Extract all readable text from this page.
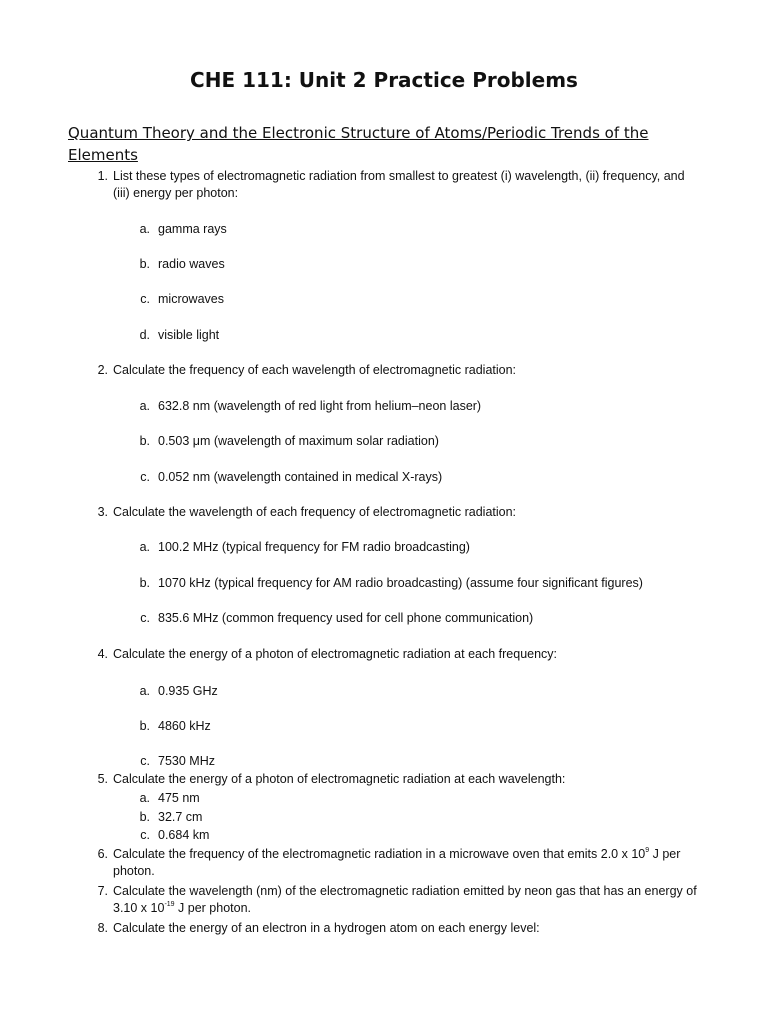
CHE 111: Unit 2 Practice Problems
Quantum Theory and the Electronic Structure of Atoms/Periodic Trends of the Elements
1. List these types of electromagnetic radiation from smallest to greatest (i) wavelength, (ii) frequency, and (iii) energy per photon:
a. gamma rays
b. radio waves
c. microwaves
d. visible light
2. Calculate the frequency of each wavelength of electromagnetic radiation:
a. 632.8 nm (wavelength of red light from helium–neon laser)
b. 0.503 μm (wavelength of maximum solar radiation)
c. 0.052 nm (wavelength contained in medical X-rays)
3. Calculate the wavelength of each frequency of electromagnetic radiation:
a. 100.2 MHz (typical frequency for FM radio broadcasting)
b. 1070 kHz (typical frequency for AM radio broadcasting) (assume four significant figures)
c. 835.6 MHz (common frequency used for cell phone communication)
4. Calculate the energy of a photon of electromagnetic radiation at each frequency:
a. 0.935 GHz
b. 4860 kHz
c. 7530 MHz
5. Calculate the energy of a photon of electromagnetic radiation at each wavelength:
a. 475 nm
b. 32.7 cm
c. 0.684 km
6. Calculate the frequency of the electromagnetic radiation in a microwave oven that emits 2.0 x $10^9$ J per photon.
7. Calculate the wavelength (nm) of the electromagnetic radiation emitted by neon gas that has an energy of 3.10 x $10^{-19}$ J per photon.
8. Calculate the energy of an electron in a hydrogen atom on each energy level:
